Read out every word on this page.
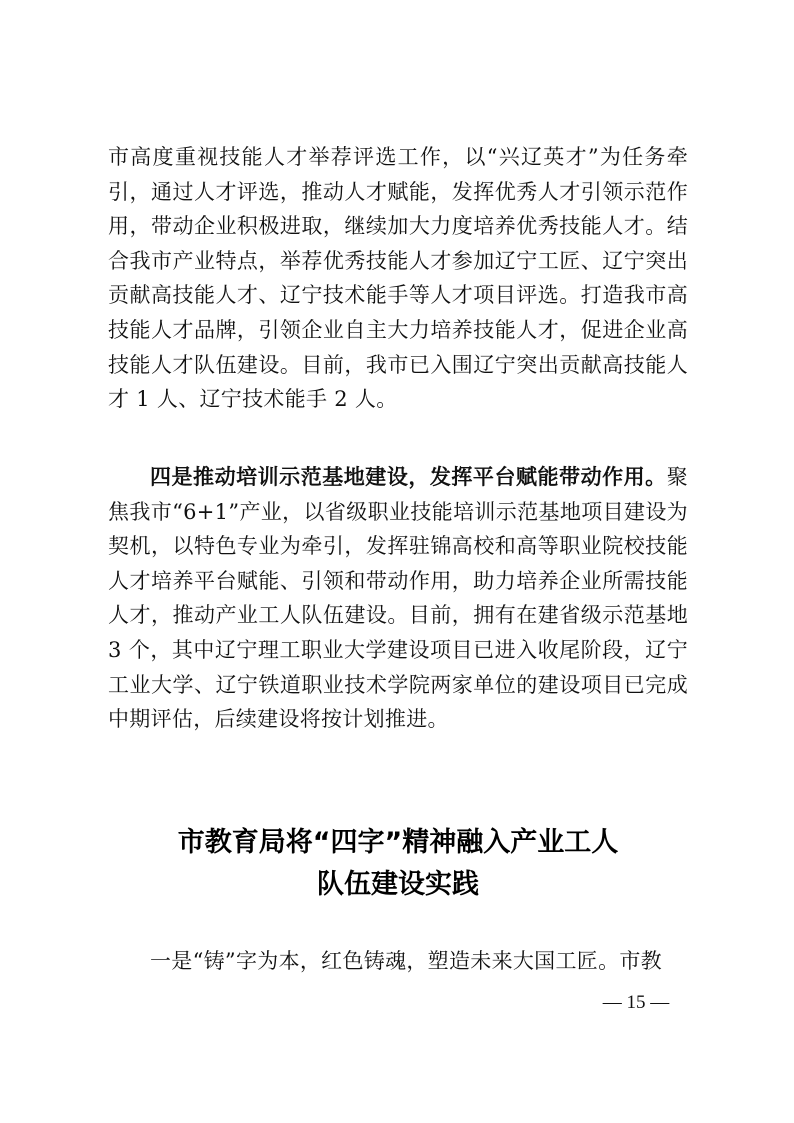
市高度重视技能人才举荐评选工作，以“兴辽英才”为任务牵引，通过人才评选，推动人才赋能，发挥优秀人才引领示范作用，带动企业积极进取，继续加大力度培养优秀技能人才。结合我市产业特点，举荐优秀技能人才参加辽宁工匠、辽宁突出贡献高技能人才、辽宁技术能手等人才项目评选。打造我市高技能人才品牌，引领企业自主大力培养技能人才，促进企业高技能人才队伍建设。目前，我市已入围辽宁突出贡献高技能人才 1 人、辽宁技术能手 2 人。

四是推动培训示范基地建设，发挥平台赋能带动作用。聚焦我市“6+1”产业，以省级职业技能培训示范基地项目建设为契机，以特色专业为牵引，发挥驻锦高校和高等职业院校技能人才培养平台赋能、引领和带动作用，助力培养企业所需技能人才，推动产业工人队伍建设。目前，拥有在建省级示范基地 3 个，其中辽宁理工职业大学建设项目已进入收尾阶段，辽宁工业大学、辽宁铁道职业技术学院两家单位的建设项目已完成中期评估，后续建设将按计划推进。

市教育局将“四字”精神融入产业工人
队伍建设实践

一是“铸”字为本，红色铸魂，塑造未来大国工匠。市教

— 15 —
